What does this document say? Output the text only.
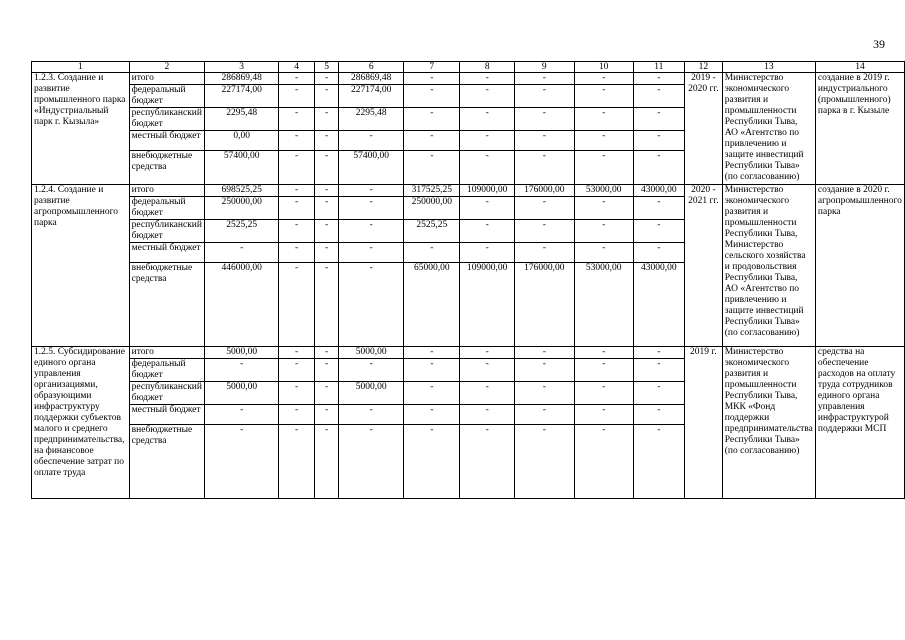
39
1	2	3	4	5	6	7	8	9	10	11	12	13	14
1.2.3. Создание и развитие промышленного парка «Индустриальный парк г. Кызыла»	итого	286869,48	-	-	286869,48	-	-	-	-	-	2019 - 2020 гг.	Министерство экономического развития и промышленности Республики Тыва, АО «Агентство по привлечению и защите инвестиций Республики Тыва» (по согласованию)	создание в 2019 г. индустриального (промышленного) парка в г. Кызыле
	федеральный бюджет	227174,00	-	-	227174,00	-	-	-	-	-			
	республиканский бюджет	2295,48	-	-	2295,48	-	-	-	-	-			
	местный бюджет	0,00	-	-	-	-	-	-	-	-			
	внебюджетные средства	57400,00	-	-	57400,00	-	-	-	-	-			
1.2.4. Создание и развитие агропромышленного парка	итого	698525,25	-	-	-	317525,25	109000,00	176000,00	53000,00	43000,00	2020 - 2021 гг.	Министерство экономического развития и промышленности Республики Тыва, Министерство сельского хозяйства и продовольствия Республики Тыва, АО «Агентство по привлечению и защите инвестиций Республики Тыва» (по согласованию)	создание в 2020 г. агропромышленного парка
	федеральный бюджет	250000,00	-	-	-	250000,00	-	-	-	-			
	республиканский бюджет	2525,25	-	-	-	2525,25	-	-	-	-			
	местный бюджет	-	-	-	-	-	-	-	-	-			
	внебюджетные средства	446000,00	-	-	-	65000,00	109000,00	176000,00	53000,00	43000,00			
1.2.5. Субсидирование единого органа управления организациями, образующими инфраструктуру поддержки субъектов малого и среднего предпринимательства, на финансовое обеспечение затрат по оплате труда	итого	5000,00	-	-	5000,00	-	-	-	-	-	2019 г.	Министерство экономического развития и промышленности Республики Тыва, МКК «Фонд поддержки предпринимательства Республики Тыва» (по согласованию)	средства на обеспечение расходов на оплату труда сотрудников единого органа управления инфраструктурой поддержки МСП
	федеральный бюджет	-	-	-	-	-	-	-	-	-			
	республиканский бюджет	5000,00	-	-	5000,00	-	-	-	-	-			
	местный бюджет	-	-	-	-	-	-	-	-	-			
	внебюджетные средства	-	-	-	-	-	-	-	-	-			
